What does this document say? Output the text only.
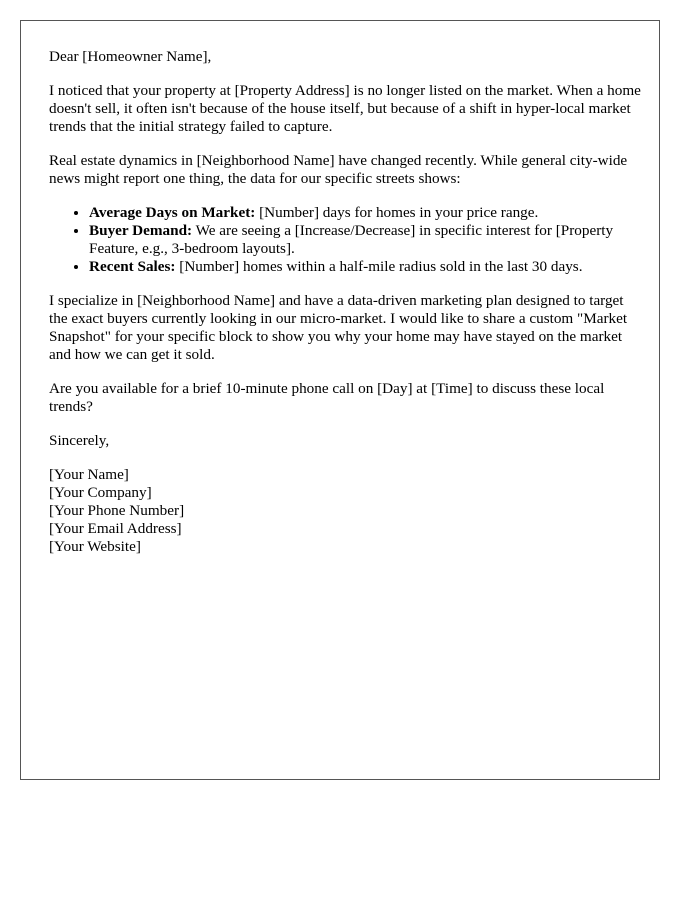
Dear [Homeowner Name],

I noticed that your property at [Property Address] is no longer listed on the market. When a home doesn't sell, it often isn't because of the house itself, but because of a shift in hyper-local market trends that the initial strategy failed to capture.

Real estate dynamics in [Neighborhood Name] have changed recently. While general city-wide news might report one thing, the data for our specific streets shows:

• Average Days on Market: [Number] days for homes in your price range.
• Buyer Demand: We are seeing a [Increase/Decrease] in specific interest for [Property Feature, e.g., 3-bedroom layouts].
• Recent Sales: [Number] homes within a half-mile radius sold in the last 30 days.

I specialize in [Neighborhood Name] and have a data-driven marketing plan designed to target the exact buyers currently looking in our micro-market. I would like to share a custom "Market Snapshot" for your specific block to show you why your home may have stayed on the market and how we can get it sold.

Are you available for a brief 10-minute phone call on [Day] at [Time] to discuss these local trends?

Sincerely,

[Your Name]
[Your Company]
[Your Phone Number]
[Your Email Address]
[Your Website]
